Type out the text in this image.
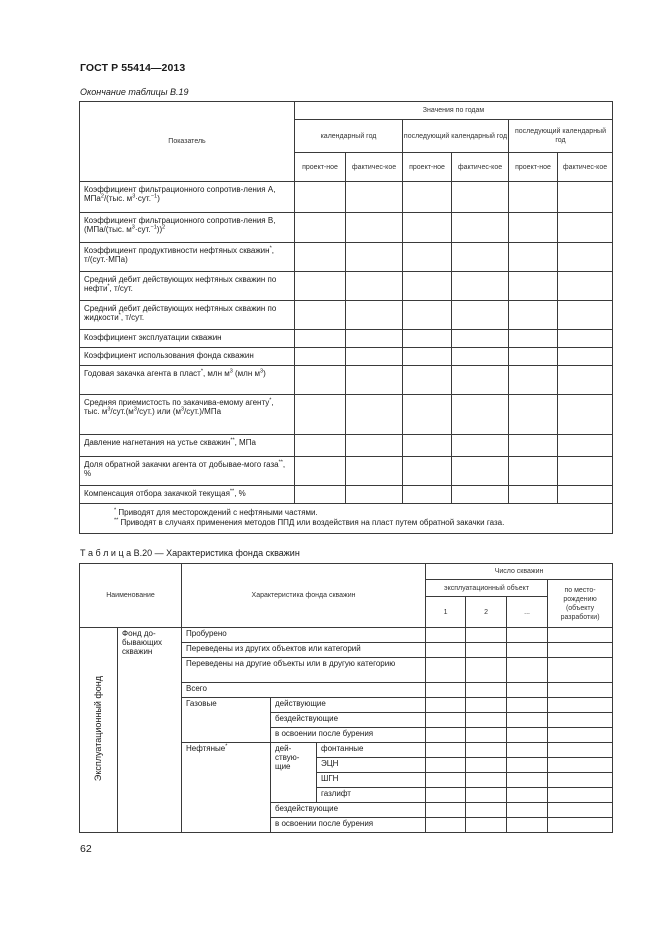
ГОСТ Р 55414—2013
Окончание таблицы В.19
Показатель	Значения по годам					
	календарный год		последующий календарный год		последующий календарный год	
	проект-ное	фактичес-кое	проект-ное	фактичес-кое	проект-ное	фактичес-кое
Коэффициент фильтрационного сопротив-ления А, МПа$^2$/(тыс. $м^3\cdot сут.^{-1}$)						
Коэффициент фильтрационного сопротив-ления В, (МПа/(тыс. $м^3\cdot сут.^{-1}))^2$						
Коэффициент продуктивности нефтяных скважин*, т/(сут.·МПа)						
Средний дебит действующих нефтяных скважин по нефти*, т/сут.						
Средний дебит действующих нефтяных скважин по жидкости*, т/сут.						
Коэффициент эксплуатации скважин						
Коэффициент использования фонда скважин						
Годовая закачка агента в пласт*, млн $м^3$ (млн $м^3$)						
Средняя приемистость по закачива-емому агенту*, тыс. $м^3/сут.(м^3/сут.)$ или $(м^3/сут.)$/МПа						
Давление нагнетания на устье скважин**, МПа						
Доля обратной закачки агента от добывае-мого газа**, %						
Компенсация отбора закачкой текущая**, %						

* Приводят для месторождений с нефтяными частями.
** Приводят в случаях применения методов ППД или воздействия на пласт путем обратной закачки газа.						
Т а б л и ц а В.20 — Характеристика фонда скважин
Наименование		Характеристика фонда скважин			Число скважин			
					эксплуатационный объект			по место-рождению (объекту разработки)
					1	2	...	
Эксплуатационный фонд	Фонд до-бывающих скважин	Пробурено						
		Переведены из других объектов или категорий						
		Переведены на другие объекты или в другую категорию						
		Всего						
		Газовые	действующие					
			бездействующие					
			в освоении после бурения					
		Нефтяные*	дей-ствую-щие	фонтанные				
				ЭЦН				
				ШГН				
				газлифт				
			бездействующие					
			в освоении после бурения					
62
